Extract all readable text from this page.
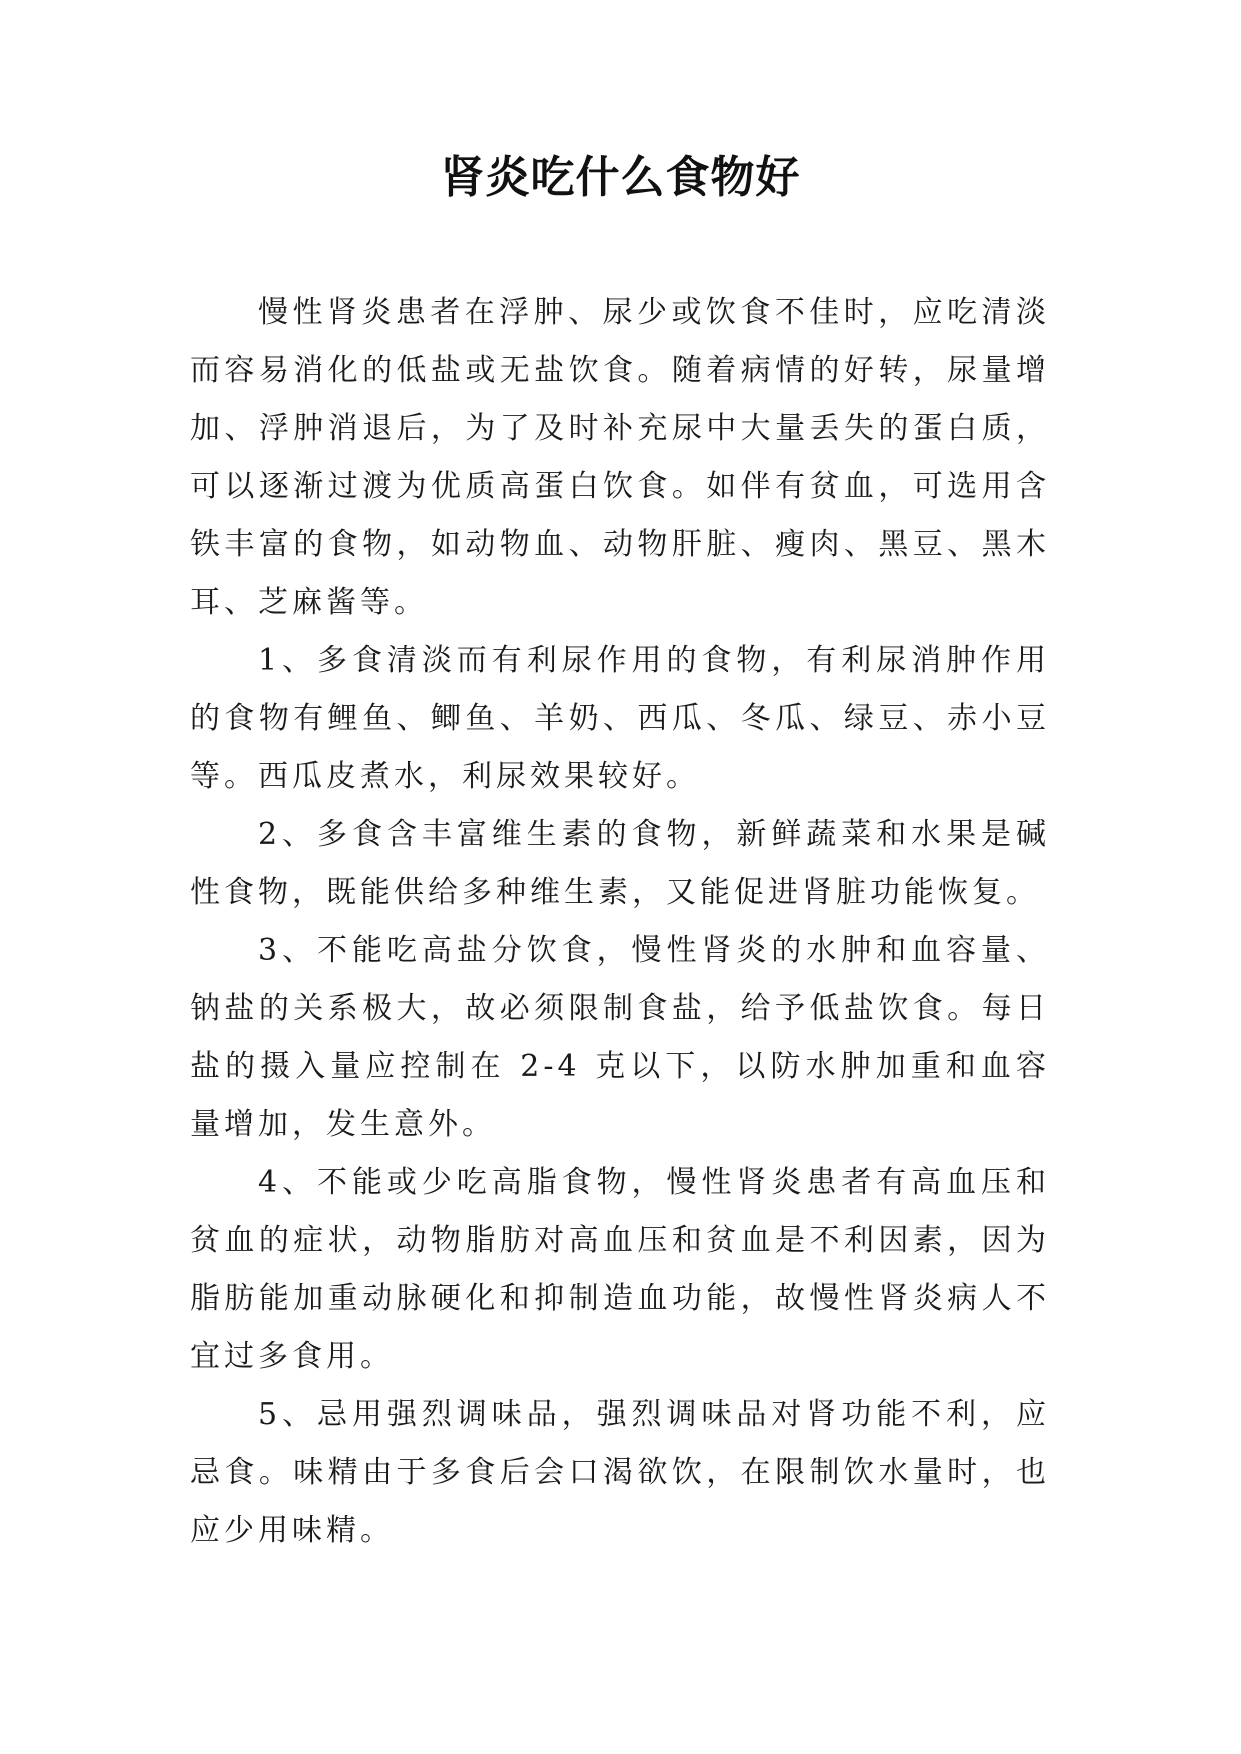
肾炎吃什么食物好

慢性肾炎患者在浮肿、尿少或饮食不佳时，应吃清淡而容易消化的低盐或无盐饮食。随着病情的好转，尿量增加、浮肿消退后，为了及时补充尿中大量丢失的蛋白质，可以逐渐过渡为优质高蛋白饮食。如伴有贫血，可选用含铁丰富的食物，如动物血、动物肝脏、瘦肉、黑豆、黑木耳、芝麻酱等。

1、多食清淡而有利尿作用的食物，有利尿消肿作用的食物有鲤鱼、鲫鱼、羊奶、西瓜、冬瓜、绿豆、赤小豆等。西瓜皮煮水，利尿效果较好。

2、多食含丰富维生素的食物，新鲜蔬菜和水果是碱性食物，既能供给多种维生素，又能促进肾脏功能恢复。

3、不能吃高盐分饮食，慢性肾炎的水肿和血容量、钠盐的关系极大，故必须限制食盐，给予低盐饮食。每日盐的摄入量应控制在 2-4 克以下，以防水肿加重和血容量增加，发生意外。

4、不能或少吃高脂食物，慢性肾炎患者有高血压和贫血的症状，动物脂肪对高血压和贫血是不利因素，因为脂肪能加重动脉硬化和抑制造血功能，故慢性肾炎病人不宜过多食用。

5、忌用强烈调味品，强烈调味品对肾功能不利，应忌食。味精由于多食后会口渴欲饮，在限制饮水量时，也应少用味精。
